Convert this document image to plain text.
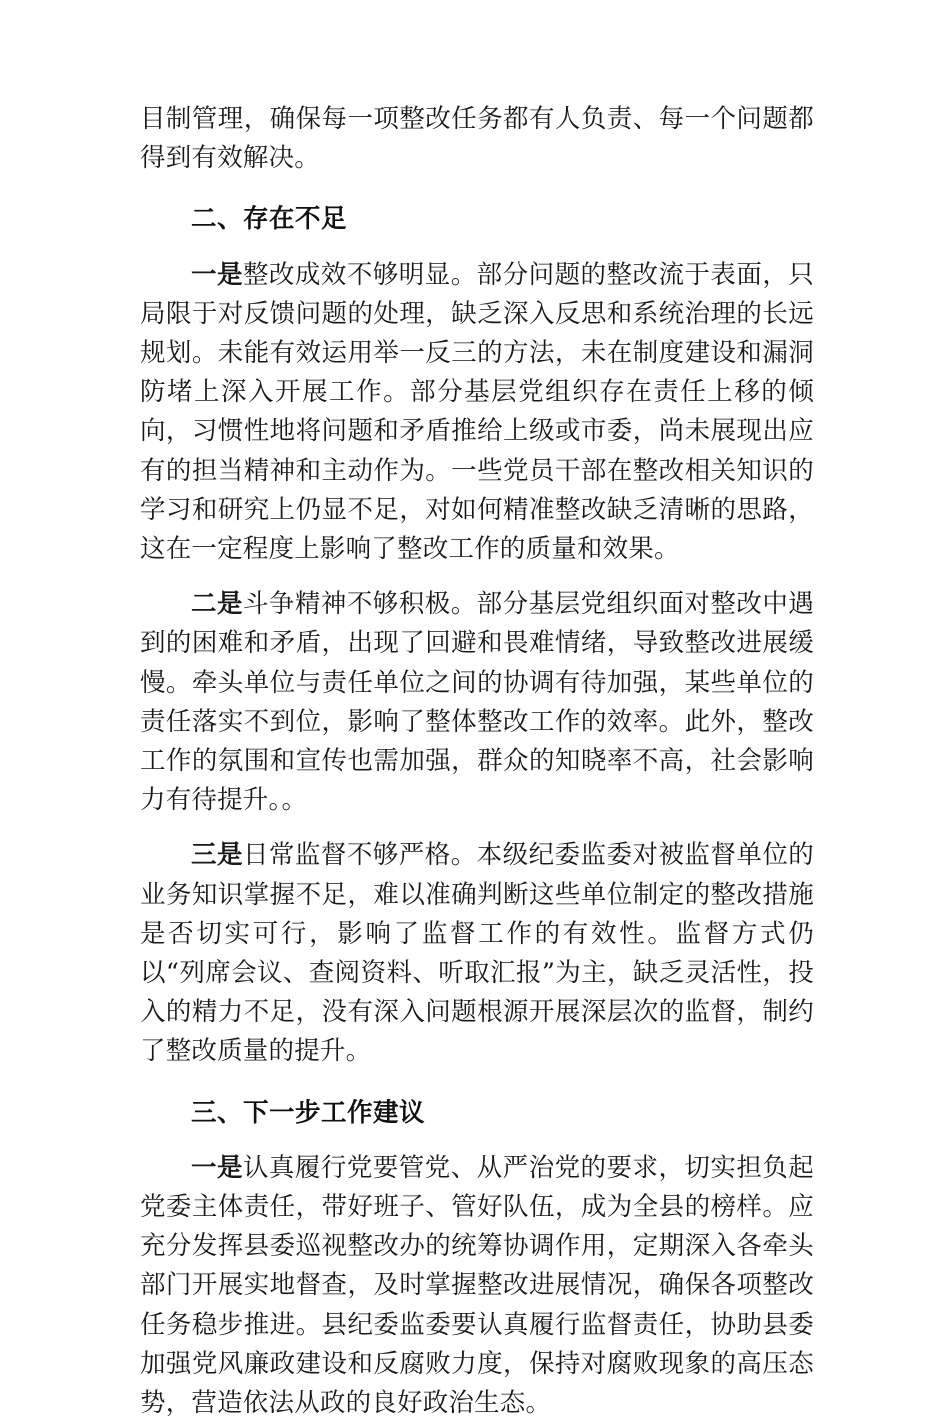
目制管理，确保每一项整改任务都有人负责、每一个问题都得到有效解决。

二、存在不足

一是整改成效不够明显。部分问题的整改流于表面，只局限于对反馈问题的处理，缺乏深入反思和系统治理的长远规划。未能有效运用举一反三的方法，未在制度建设和漏洞防堵上深入开展工作。部分基层党组织存在责任上移的倾向，习惯性地将问题和矛盾推给上级或市委，尚未展现出应有的担当精神和主动作为。一些党员干部在整改相关知识的学习和研究上仍显不足，对如何精准整改缺乏清晰的思路，这在一定程度上影响了整改工作的质量和效果。

二是斗争精神不够积极。部分基层党组织面对整改中遇到的困难和矛盾，出现了回避和畏难情绪，导致整改进展缓慢。牵头单位与责任单位之间的协调有待加强，某些单位的责任落实不到位，影响了整体整改工作的效率。此外，整改工作的氛围和宣传也需加强，群众的知晓率不高，社会影响力有待提升。。

三是日常监督不够严格。本级纪委监委对被监督单位的业务知识掌握不足，难以准确判断这些单位制定的整改措施是否切实可行，影响了监督工作的有效性。监督方式仍以“列席会议、查阅资料、听取汇报”为主，缺乏灵活性，投入的精力不足，没有深入问题根源开展深层次的监督，制约了整改质量的提升。

三、下一步工作建议

一是认真履行党要管党、从严治党的要求，切实担负起党委主体责任，带好班子、管好队伍，成为全县的榜样。应充分发挥县委巡视整改办的统筹协调作用，定期深入各牵头部门开展实地督查，及时掌握整改进展情况，确保各项整改任务稳步推进。县纪委监委要认真履行监督责任，协助县委加强党风廉政建设和反腐败力度，保持对腐败现象的高压态势，营造依法从政的良好政治生态。
